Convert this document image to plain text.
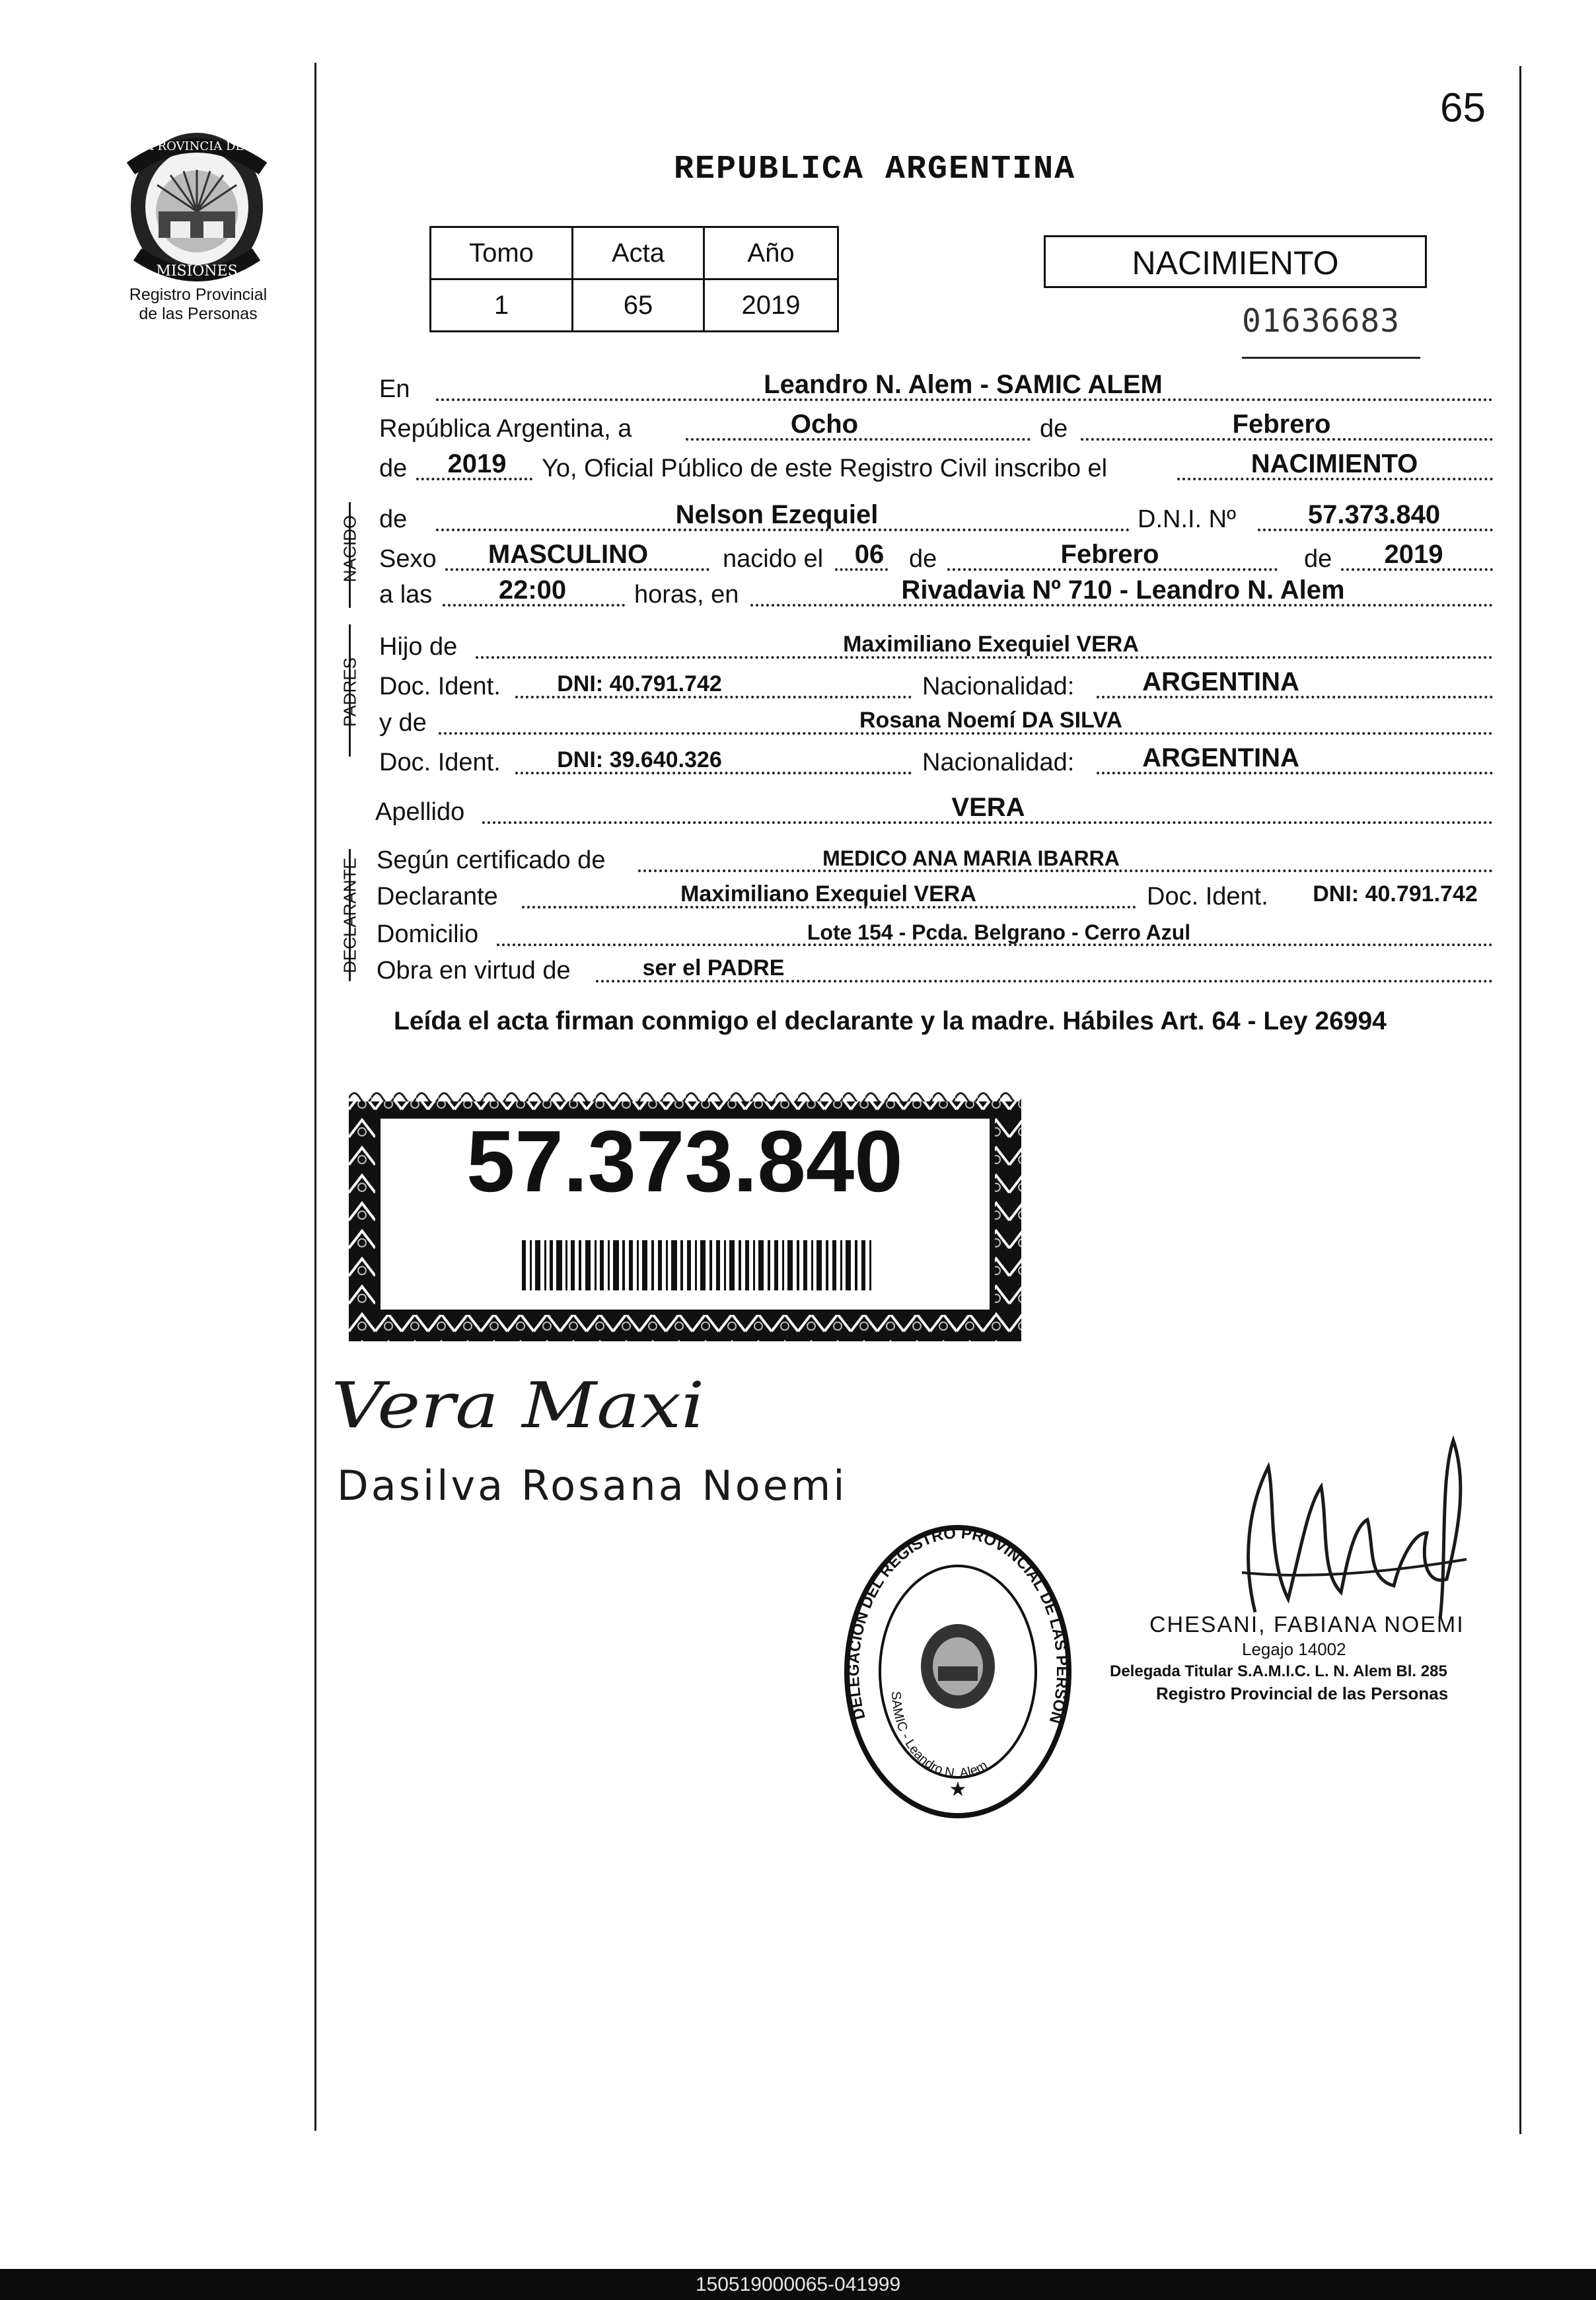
65
PROVINCIA DE
MISIONES
Registro Provincial
de las Personas
REPUBLICA ARGENTINA
Tomo	Acta	Año
1	65	2019
NACIMIENTO
01636683
En	Leandro N. Alem - SAMIC ALEM
República Argentina, a	Ocho	de	Febrero
de 2019 Yo, Oficial Público de este Registro Civil inscribo el	NACIMIENTO
NACIDO de	Nelson Ezequiel	D.N.I. Nº	57.373.840
Sexo MASCULINO	nacido el 06 de	Febrero	de 2019
a las	22:00	horas, en	Rivadavia Nº 710 - Leandro N. Alem
PADRES
Hijo de	Maximiliano Exequiel VERA
Doc. Ident.	DNI: 40.791.742	Nacionalidad:	ARGENTINA
y de	Rosana Noemí DA SILVA
Doc. Ident.	DNI: 39.640.326	Nacionalidad:	ARGENTINA
Apellido	VERA
DECLARANTE Según certificado de	MEDICO ANA MARIA IBARRA
Declarante	Maximiliano Exequiel VERA	Doc. Ident. DNI: 40.791.742
Domicilio	Lote 154 - Pcda. Belgrano - Cerro Azul
Obra en virtud de	ser el PADRE
Leída el acta firman conmigo el declarante y la madre. Hábiles Art. 64 - Ley 26994
57.373.840
Vera Maxi
Dasilva Rosana Noemi
DELEGACION DEL REGISTRO PROVINCIAL DE LAS PERSON
SAMIC - Leandro N. Alem
★
CHESANI, FABIANA NOEMI
Legajo 14002
Delegada Titular S.A.M.I.C. L. N. Alem Bl. 285
Registro Provincial de las Personas
150519000065-041999
